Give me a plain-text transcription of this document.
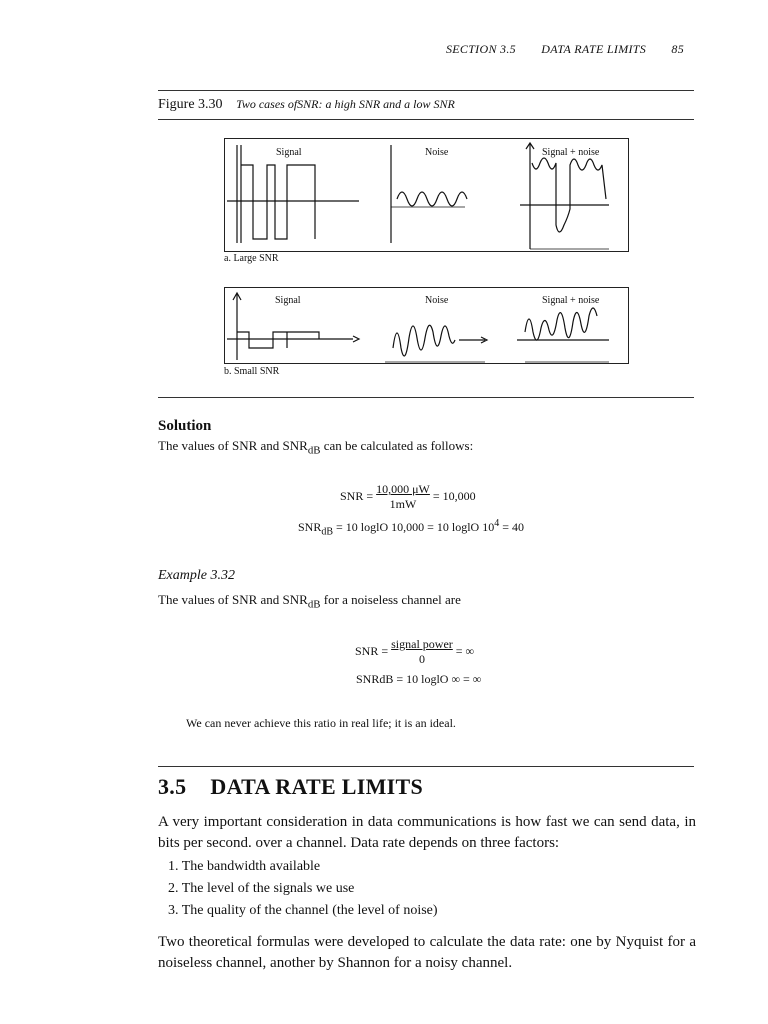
SECTION 3.5 DATA RATE LIMITS 85
Figure 3.30 Two cases ofSNR: a high SNR and a low SNR
Signal	Noise	Signal + noise
a. Large SNR
Signal	Noise	Signal + noise
b. Small SNR
Solution
The values of SNR and $SNR_{dB}$ can be calculated as follows:
SNR = $\frac{10,000 \mu W}{1mW} = 10,000$
$SNR_{dB} = 10$ loglO 10,000 = 10 loglO $10^4 = 40$
Example 3.32
The values of SNR and $SNR_{dB}$ for a noiseless channel are
SNR = signal power
0
= ∞
SNRdB = 10 loglO ∞ = ∞
We can never achieve this ratio in real life; it is an ideal.
3.5 DATA RATE LIMITS
A very important consideration in data communications is how fast we can send data, in bits per second. over a channel. Data rate depends on three factors:
1. The bandwidth available
2. The level of the signals we use
3. The quality of the channel (the level of noise)
Two theoretical formulas were developed to calculate the data rate: one by Nyquist for a noiseless channel, another by Shannon for a noisy channel.
